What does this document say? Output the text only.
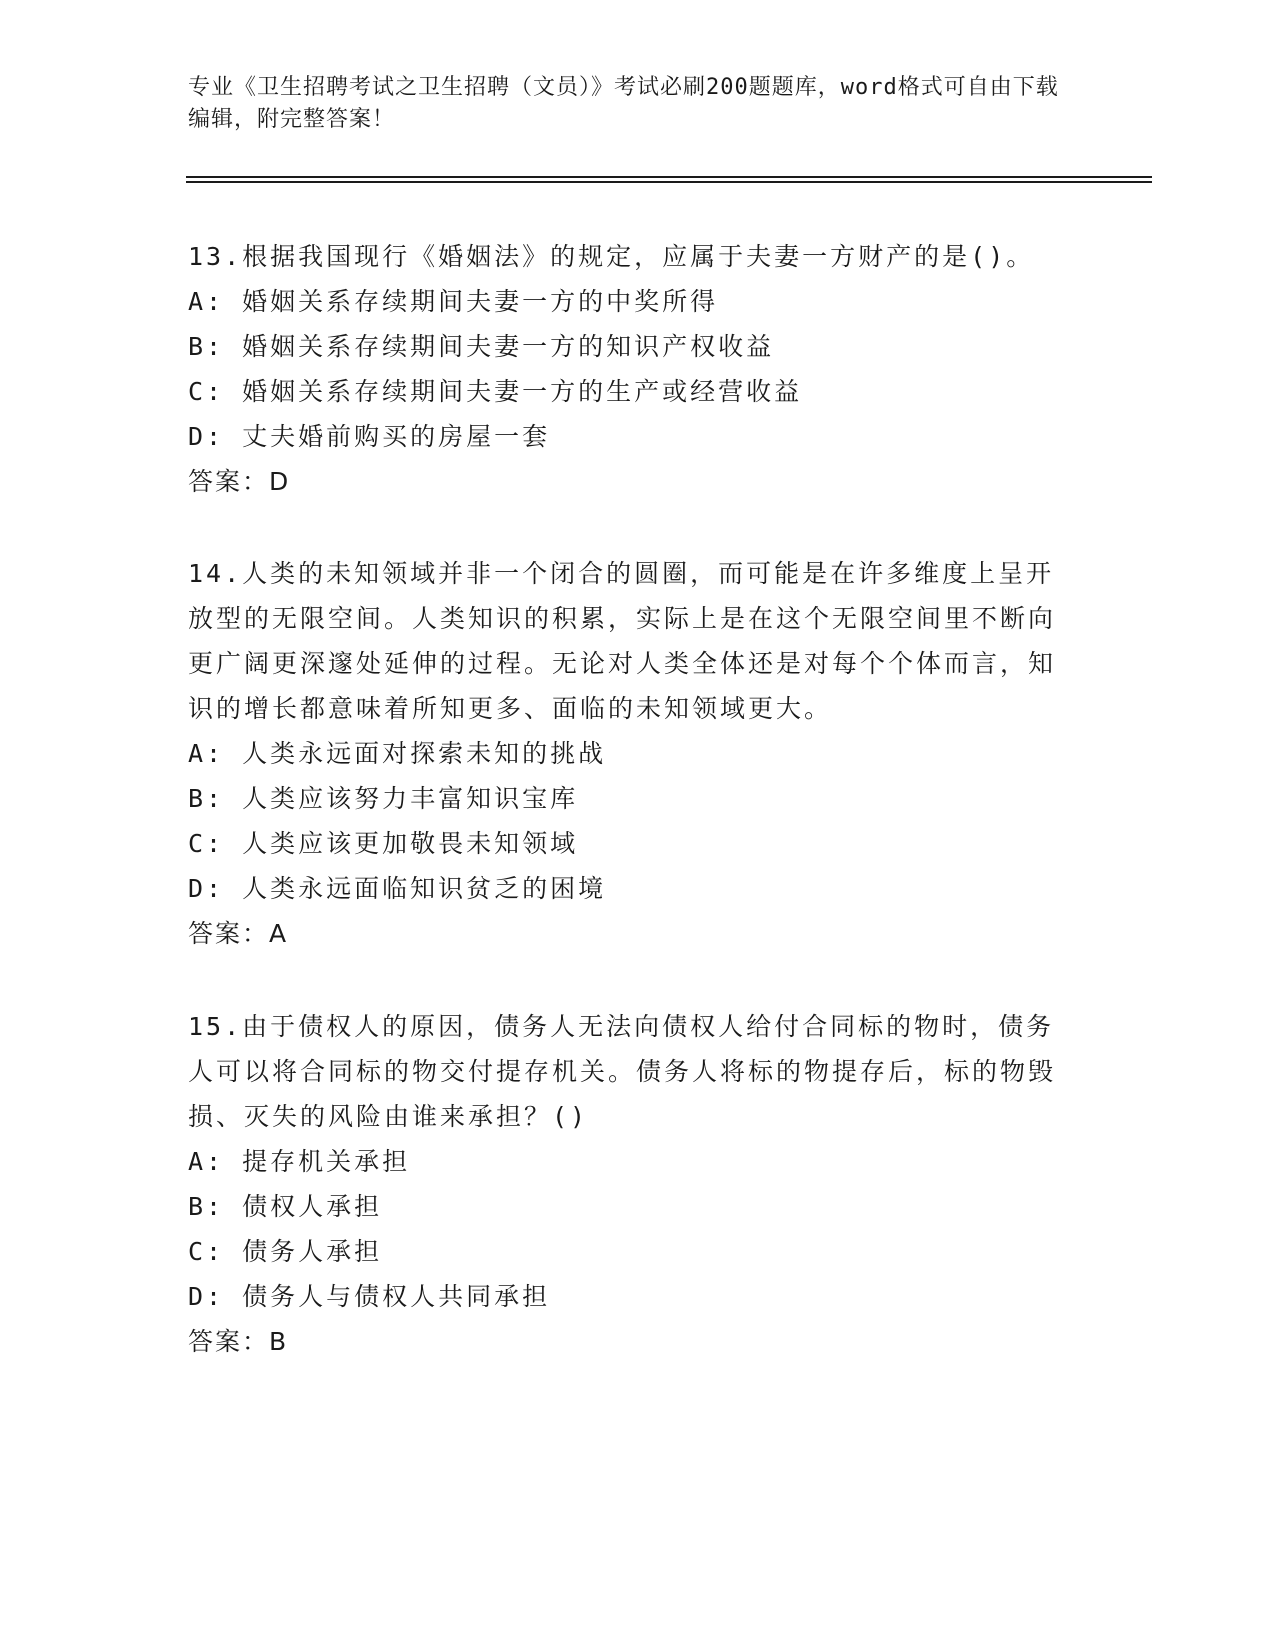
专业《卫生招聘考试之卫生招聘（文员）》考试必刷200题题库，word格式可自由下载编辑，附完整答案！

13.根据我国现行《婚姻法》的规定，应属于夫妻一方财产的是()。

A: 婚姻关系存续期间夫妻一方的中奖所得

B: 婚姻关系存续期间夫妻一方的知识产权收益

C: 婚姻关系存续期间夫妻一方的生产或经营收益

D: 丈夫婚前购买的房屋一套

答案：D

14.人类的未知领域并非一个闭合的圆圈，而可能是在许多维度上呈开放型的无限空间。人类知识的积累，实际上是在这个无限空间里不断向更广阔更深邃处延伸的过程。无论对人类全体还是对每个个体而言，知识的增长都意味着所知更多、面临的未知领域更大。

A: 人类永远面对探索未知的挑战

B: 人类应该努力丰富知识宝库

C: 人类应该更加敬畏未知领域

D: 人类永远面临知识贫乏的困境

答案：A

15.由于债权人的原因，债务人无法向债权人给付合同标的物时，债务人可以将合同标的物交付提存机关。债务人将标的物提存后，标的物毁损、灭失的风险由谁来承担？()

A: 提存机关承担

B: 债权人承担

C: 债务人承担

D: 债务人与债权人共同承担

答案：B
